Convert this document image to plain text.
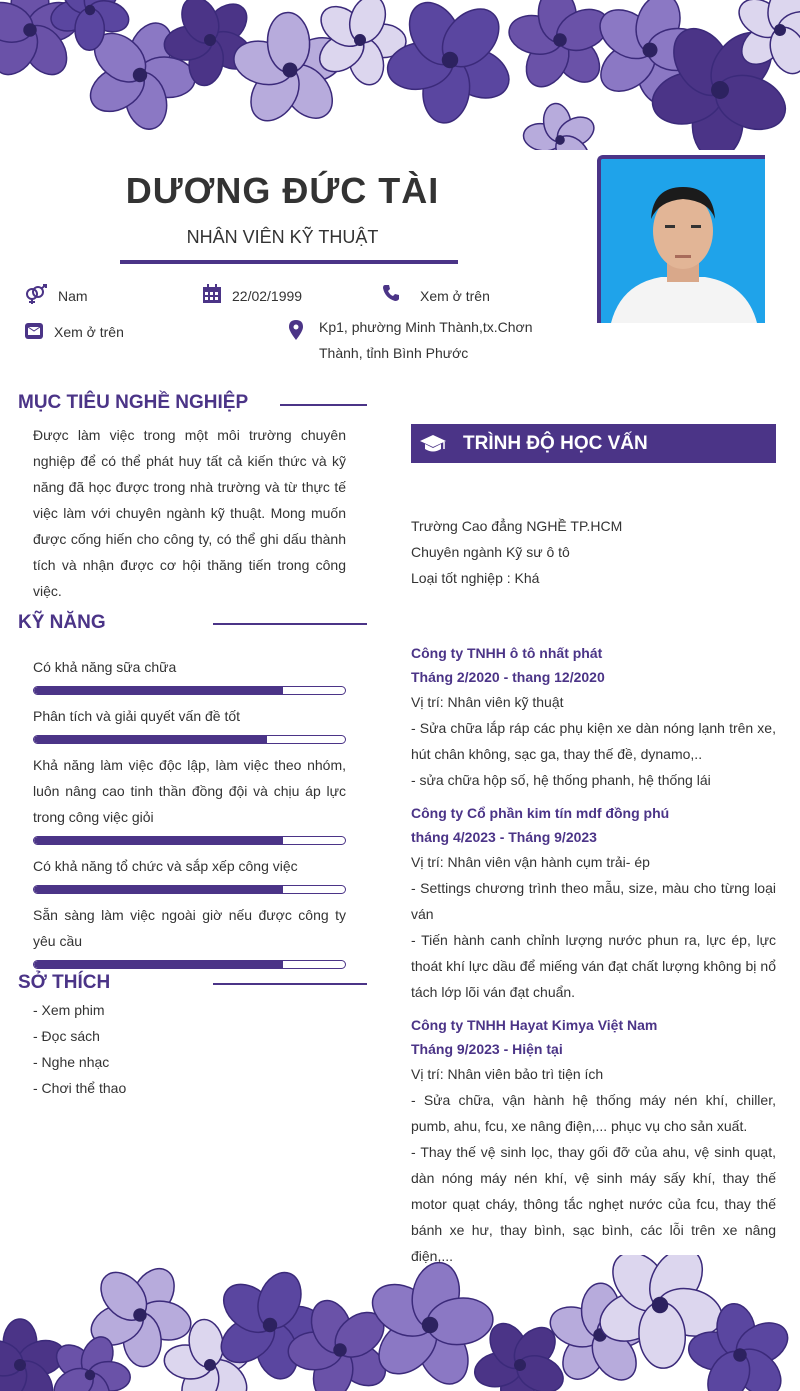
DƯƠNG ĐỨC TÀI
NHÂN VIÊN KỸ THUẬT
Nam	22/02/1999	Xem ở trên
Xem ở trên	Kp1, phường Minh Thành,tx.Chơn Thành, tỉnh Bình Phước
MỤC TIÊU NGHỀ NGHIỆP
Được làm việc trong một môi trường chuyên nghiệp để có thể phát huy tất cả kiến thức và kỹ năng đã học được trong nhà trường và từ thực tế việc làm với chuyên ngành kỹ thuật. Mong muốn được cống hiến cho công ty, có thể ghi dấu thành tích và nhận được cơ hội thăng tiến trong công việc.
KỸ NĂNG
Có khả năng sữa chữa
Phân tích và giải quyết vấn đề tốt
Khả năng làm việc độc lập, làm việc theo nhóm, luôn nâng cao tinh thần đồng đội và chịu áp lực trong công việc giỏi
Có khả năng tổ chức và sắp xếp công việc
Sẵn sàng làm việc ngoài giờ nếu được công ty yêu cầu
SỞ THÍCH
- Xem phim
- Đọc sách
- Nghe nhạc
- Chơi thể thao
TRÌNH ĐỘ HỌC VẤN
Trường Cao đẳng NGHỀ TP.HCM
Chuyên ngành Kỹ sư ô tô
Loại tốt nghiệp : Khá
Công ty TNHH ô tô nhất phát
Tháng 2/2020 - thang 12/2020
Vị trí: Nhân viên kỹ thuật
- Sửa chữa lắp ráp các phụ kiện xe dàn nóng lạnh trên xe, hút chân không, sạc ga, thay thế đề, dynamo,..
- sửa chữa hộp số, hệ thống phanh, hệ thống lái
Công ty Cổ phần kim tín mdf đồng phú
tháng 4/2023 - Tháng 9/2023
Vị trí: Nhân viên vận hành cụm trải- ép
- Settings chương trình theo mẫu, size, màu cho từng loại ván
- Tiến hành canh chỉnh lượng nước phun ra, lực ép, lực thoát khí lực dầu để miếng ván đạt chất lượng không bị nổ tách lớp lõi ván đạt chuẩn.
Công ty TNHH Hayat Kimya Việt Nam
Tháng 9/2023 - Hiện tại
Vị trí: Nhân viên bảo trì tiện ích
- Sửa chữa, vận hành hệ thống máy nén khí, chiller, pumb, ahu, fcu, xe nâng điện,... phục vụ cho sản xuất.
- Thay thế vệ sinh lọc, thay gối đỡ của ahu, vệ sinh quạt, dàn nóng máy nén khí, vệ sinh máy sấy khí, thay thế motor quạt cháy, thông tắc nghẹt nước của fcu, thay thế bánh xe hư, thay bình, sạc bình, các lỗi trên xe nâng điện,...
